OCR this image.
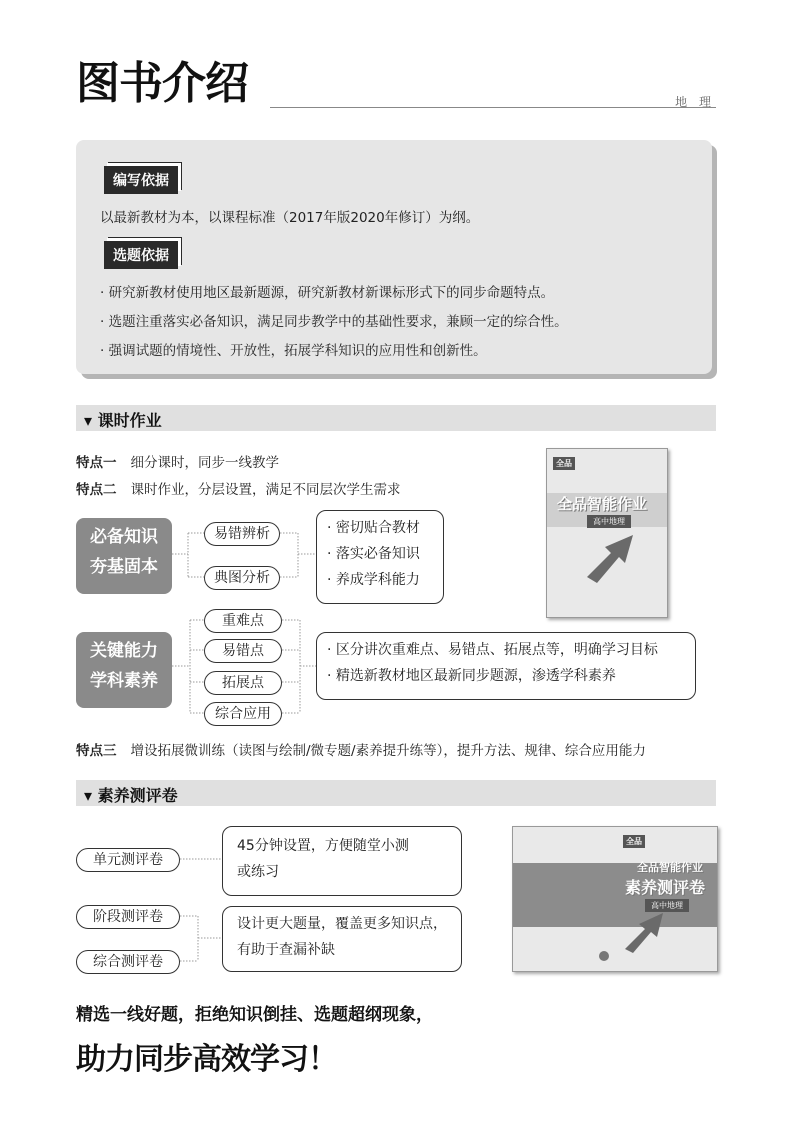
图书介绍	地 理
编写依据
以最新教材为本，以课程标准（2017年版2020年修订）为纲。
选题依据
· 研究新教材使用地区最新题源，研究新教材新课标形式下的同步命题特点。
· 选题注重落实必备知识，满足同步教学中的基础性要求，兼顾一定的综合性。
· 强调试题的情境性、开放性，拓展学科知识的应用性和创新性。
▾ 课时作业
特点一 细分课时，同步一线教学
特点二 课时作业，分层设置，满足不同层次学生需求
必备知识
夯基固本
易错辨析
典图分析
· 密切贴合教材
· 落实必备知识
· 养成学科能力
关键能力
学科素养
重难点
易错点
拓展点
综合应用
· 区分讲次重难点、易错点、拓展点等，明确学习目标
· 精选新教材地区最新同步题源，渗透学科素养
全品
全品智能作业
高中地理
特点三 增设拓展微训练（读图与绘制/微专题/素养提升练等），提升方法、规律、综合应用能力
▾ 素养测评卷
单元测评卷
阶段测评卷
综合测评卷
45分钟设置，方便随堂小测
或练习
设计更大题量，覆盖更多知识点，
有助于查漏补缺
全品
全品智能作业
素养测评卷
高中地理
精选一线好题，拒绝知识倒挂、选题超纲现象，
助力同步高效学习！
